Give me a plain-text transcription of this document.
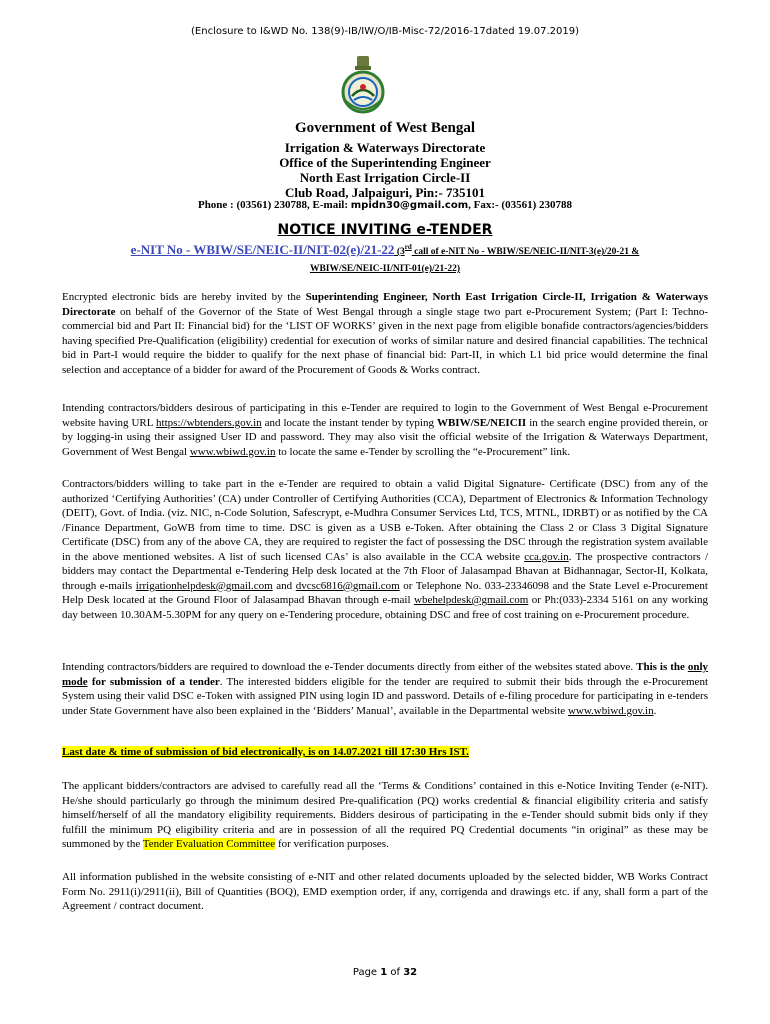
(Enclosure to I&WD No. 138(9)-IB/IW/O/IB-Misc-72/2016-17dated 19.07.2019)
Government of West Bengal
Irrigation & Waterways Directorate
Office of the Superintending Engineer
North East Irrigation Circle-II
Club Road, Jalpaiguri, Pin:- 735101
Phone : (03561) 230788, E-mail: mpidn30@gmail.com, Fax:- (03561) 230788
NOTICE INVITING e-TENDER
e-NIT No - WBIW/SE/NEIC-II/NIT-02(e)/21-22 (3rd call of e-NIT No - WBIW/SE/NEIC-II/NIT-3(e)/20-21 &
WBIW/SE/NEIC-II/NIT-01(e)/21-22)
Encrypted electronic bids are hereby invited by the Superintending Engineer, North East Irrigation Circle-II, Irrigation & Waterways Directorate on behalf of the Governor of the State of West Bengal through a single stage two part e-Procurement System; (Part I: Techno-commercial bid and Part II: Financial bid) for the ‘LIST OF WORKS’ given in the next page from eligible bonafide contractors/agencies/bidders having specified Pre-Qualification (eligibility) credential for execution of works of similar nature and desired financial capabilities. The technical bid in Part-I would require the bidder to qualify for the next phase of financial bid: Part-II, in which L1 bid price would determine the final selection and acceptance of a bidder for award of the Procurement of Goods & Works contract.
Intending contractors/bidders desirous of participating in this e-Tender are required to login to the Government of West Bengal e-Procurement website having URL https://wbtenders.gov.in and locate the instant tender by typing WBIW/SE/NEICII in the search engine provided therein, or by logging-in using their assigned User ID and password. They may also visit the official website of the Irrigation & Waterways Department, Government of West Bengal www.wbiwd.gov.in to locate the same e-Tender by scrolling the “e-Procurement” link.
Contractors/bidders willing to take part in the e-Tender are required to obtain a valid Digital Signature- Certificate (DSC) from any of the authorized ‘Certifying Authorities’ (CA) under Controller of Certifying Authorities (CCA), Department of Electronics & Information Technology (DEIT), Govt. of India. (viz. NIC, n-Code Solution, Safescrypt, e-Mudhra Consumer Services Ltd, TCS, MTNL, IDRBT) or as notified by the CA /Finance Department, GoWB from time to time. DSC is given as a USB e-Token. After obtaining the Class 2 or Class 3 Digital Signature Certificate (DSC) from any of the above CA, they are required to register the fact of possessing the DSC through the registration system available in the above mentioned websites. A list of such licensed CAs’ is also available in the CCA website cca.gov.in. The prospective contractors / bidders may contact the Departmental e-Tendering Help desk located at the 7th Floor of Jalasampad Bhavan at Bidhannagar, Sector-II, Kolkata, through e-mails irrigationhelpdesk@gmail.com and dvcsc6816@gmail.com or Telephone No. 033-23346098 and the State Level e-Procurement Help Desk located at the Ground Floor of Jalasampad Bhavan through e-mail wbehelpdesk@gmail.com or Ph:(033)-2334 5161 on any working day between 10.30AM-5.30PM for any query on e-Tendering procedure, obtaining DSC and free of cost training on e-Procurement procedure.
Intending contractors/bidders are required to download the e-Tender documents directly from either of the websites stated above. This is the only mode for submission of a tender. The interested bidders eligible for the tender are required to submit their bids through the e-Procurement System using their valid DSC e-Token with assigned PIN using login ID and password. Details of e-filing procedure for participating in e-tenders under State Government have also been explained in the ‘Bidders’ Manual’, available in the Departmental website www.wbiwd.gov.in.
Last date & time of submission of bid electronically, is on 14.07.2021 till 17:30 Hrs IST.
The applicant bidders/contractors are advised to carefully read all the ‘Terms & Conditions’ contained in this e-Notice Inviting Tender (e-NIT). He/she should particularly go through the minimum desired Pre-qualification (PQ) works credential & financial eligibility criteria and satisfy himself/herself of all the mandatory eligibility requirements. Bidders desirous of participating in the e-Tender should submit bids only if they fulfill the minimum PQ eligibility criteria and are in possession of all the required PQ Credential documents “in original” as these may be summoned by the Tender Evaluation Committee for verification purposes.
All information published in the website consisting of e-NIT and other related documents uploaded by the selected bidder, WB Works Contract Form No. 2911(i)/2911(ii), Bill of Quantities (BOQ), EMD exemption order, if any, corrigenda and drawings etc. if any, shall form a part of the Agreement / contract document.
Page 1 of 32
